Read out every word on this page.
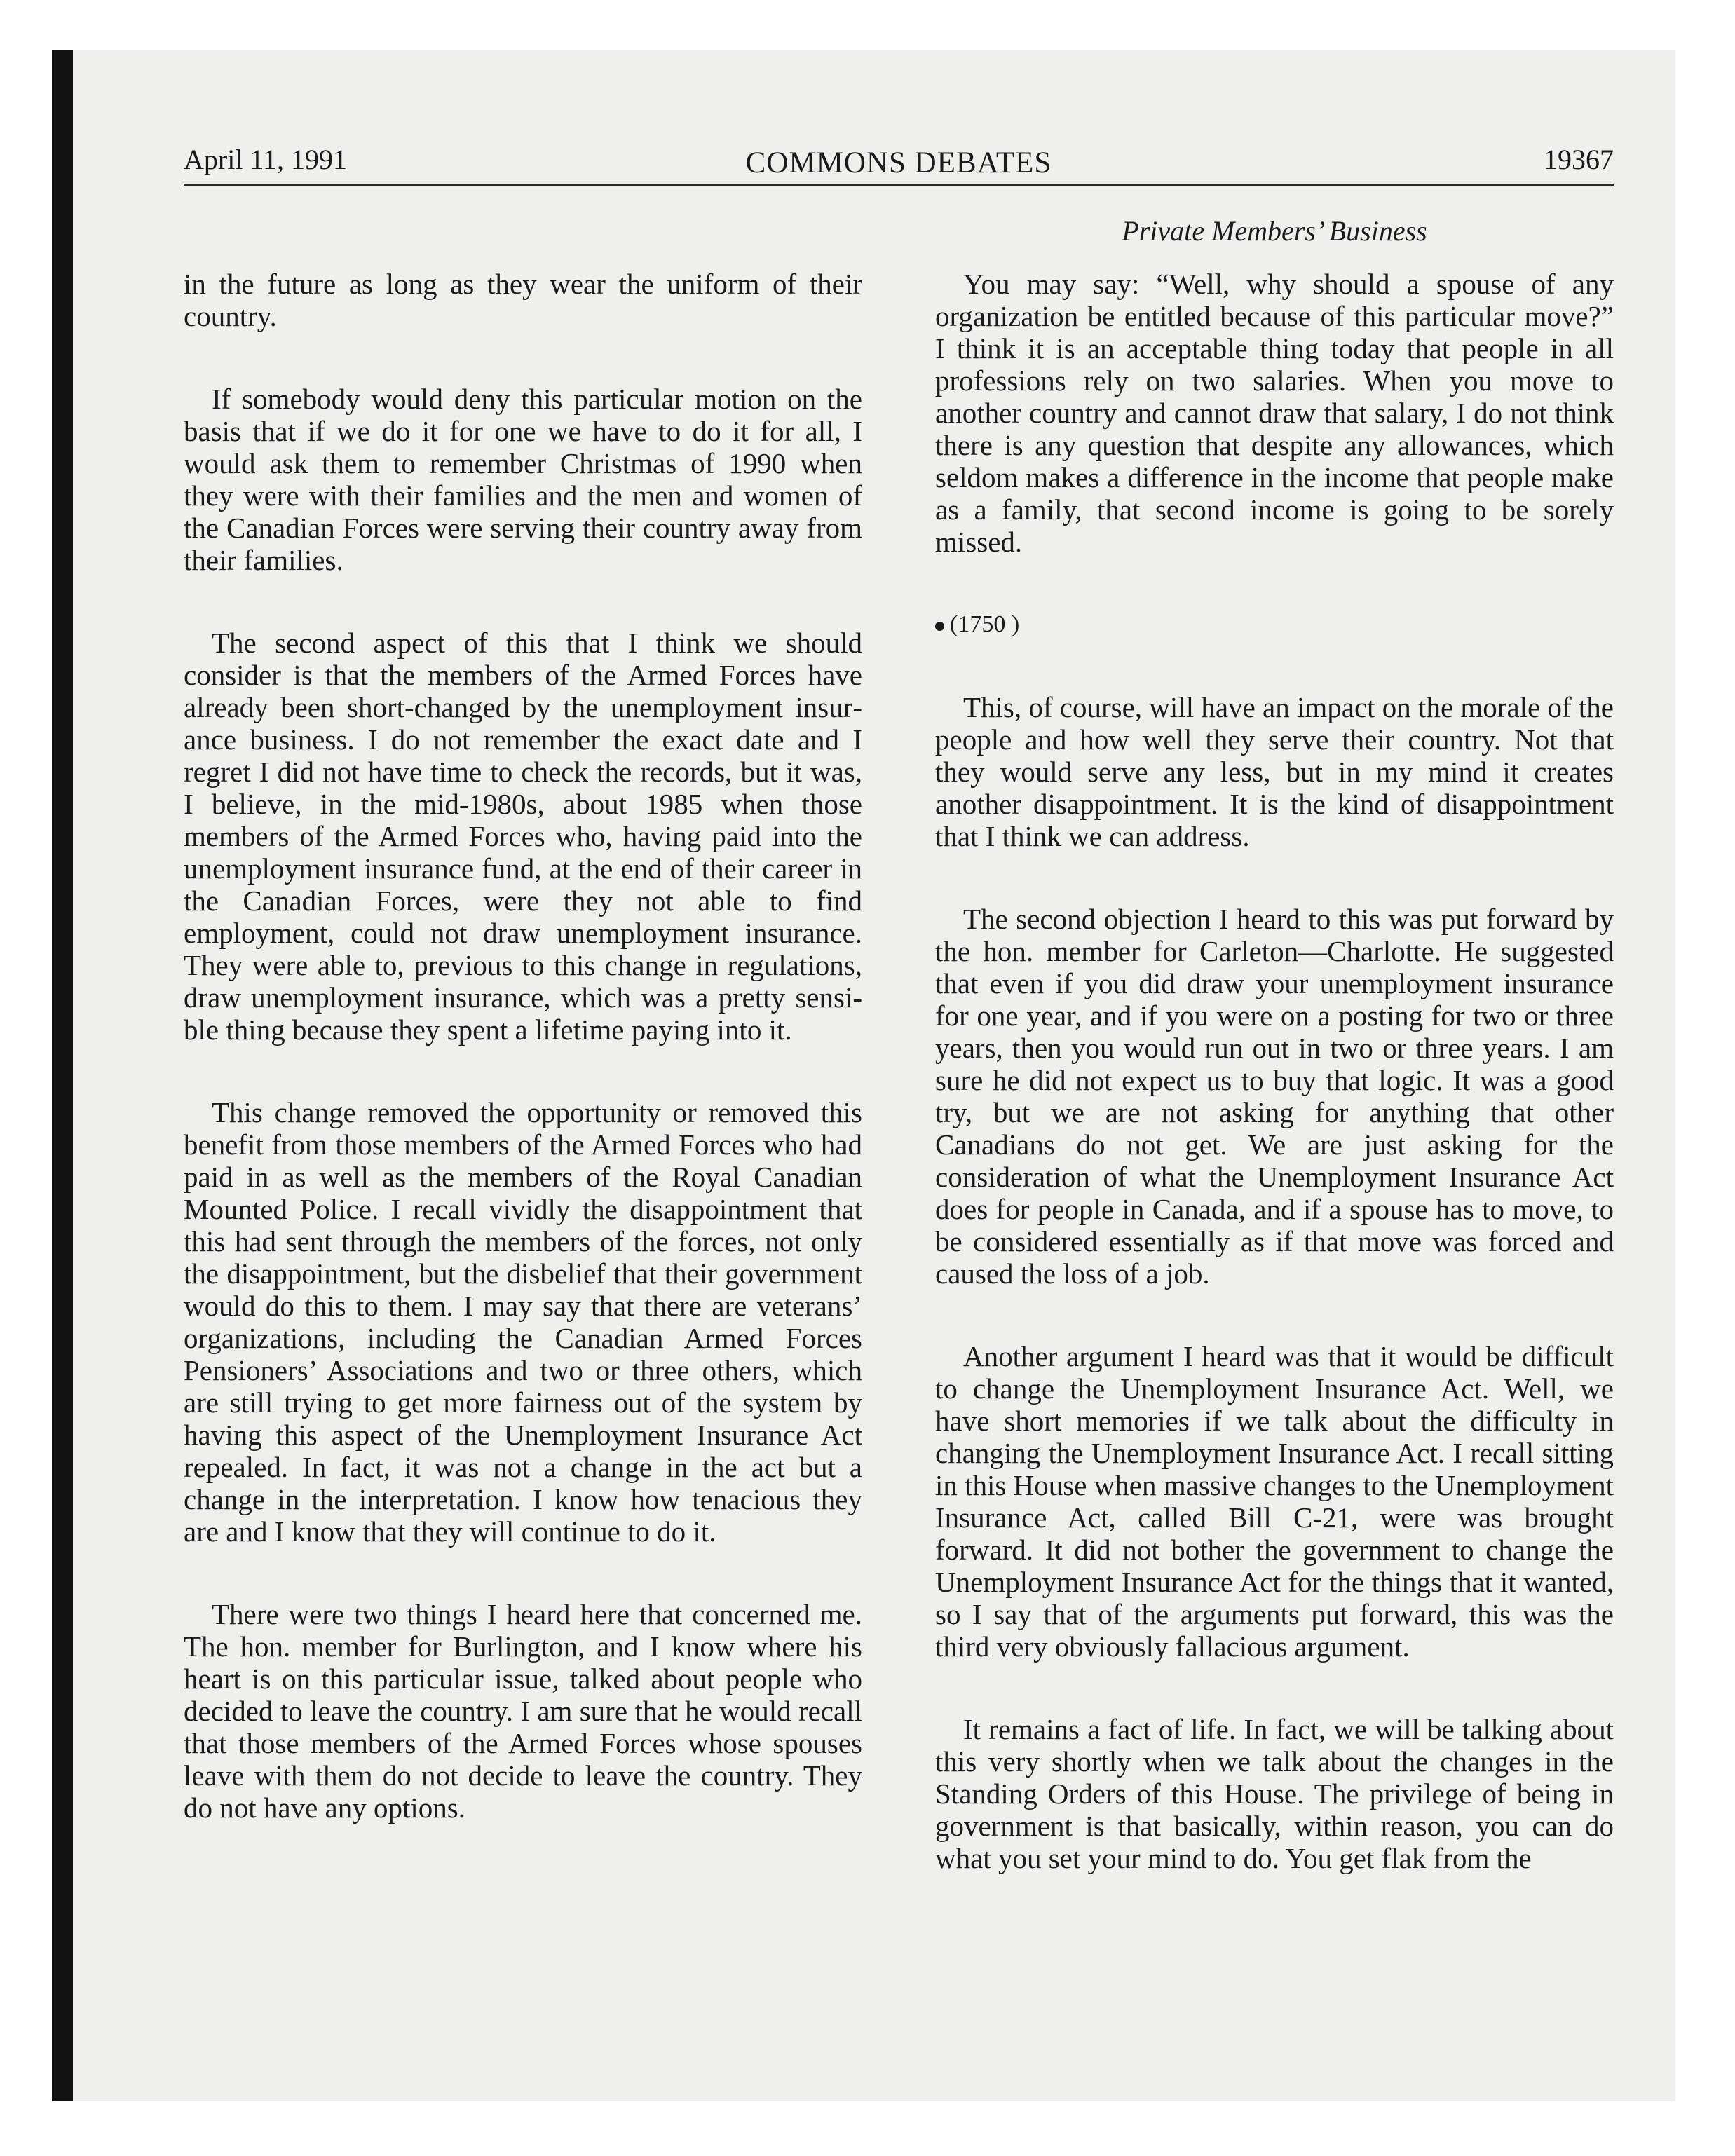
April 11, 1991	COMMONS DEBATES	19367
Private Members’ Business

in the future as long as they wear the uniform of their country.

If somebody would deny this particular motion on the basis that if we do it for one we have to do it for all, I would ask them to remember Christmas of 1990 when they were with their families and the men and women of the Canadian Forces were serving their country away from their families.

The second aspect of this that I think we should consider is that the members of the Armed Forces have already been short-changed by the unemployment insurance business. I do not remember the exact date and I regret I did not have time to check the records, but it was, I believe, in the mid-1980s, about 1985 when those members of the Armed Forces who, having paid into the unemployment insurance fund, at the end of their career in the Canadian Forces, were they not able to find employment, could not draw unemployment insurance. They were able to, previous to this change in regulations, draw unemployment insurance, which was a pretty sensible thing because they spent a lifetime paying into it.

This change removed the opportunity or removed this benefit from those members of the Armed Forces who had paid in as well as the members of the Royal Canadian Mounted Police. I recall vividly the disappointment that this had sent through the members of the forces, not only the disappointment, but the disbelief that their government would do this to them. I may say that there are veterans’ organizations, including the Canadian Armed Forces Pensioners’ Associations and two or three others, which are still trying to get more fairness out of the system by having this aspect of the Unemployment Insurance Act repealed. In fact, it was not a change in the act but a change in the interpretation. I know how tenacious they are and I know that they will continue to do it.

There were two things I heard here that concerned me. The hon. member for Burlington, and I know where his heart is on this particular issue, talked about people who decided to leave the country. I am sure that he would recall that those members of the Armed Forces whose spouses leave with them do not decide to leave the country. They do not have any options.

You may say: “Well, why should a spouse of any organization be entitled because of this particular move?” I think it is an acceptable thing today that people in all professions rely on two salaries. When you move to another country and cannot draw that salary, I do not think there is any question that despite any allowances, which seldom makes a difference in the income that people make as a family, that second income is going to be sorely missed.

(1750 )

This, of course, will have an impact on the morale of the people and how well they serve their country. Not that they would serve any less, but in my mind it creates another disappointment. It is the kind of disappointment that I think we can address.

The second objection I heard to this was put forward by the hon. member for Carleton—Charlotte. He suggested that even if you did draw your unemployment insurance for one year, and if you were on a posting for two or three years, then you would run out in two or three years. I am sure he did not expect us to buy that logic. It was a good try, but we are not asking for anything that other Canadians do not get. We are just asking for the consideration of what the Unemployment Insurance Act does for people in Canada, and if a spouse has to move, to be considered essentially as if that move was forced and caused the loss of a job.

Another argument I heard was that it would be difficult to change the Unemployment Insurance Act. Well, we have short memories if we talk about the difficulty in changing the Unemployment Insurance Act. I recall sitting in this House when massive changes to the Unemployment Insurance Act, called Bill C-21, were was brought forward. It did not bother the government to change the Unemployment Insurance Act for the things that it wanted, so I say that of the arguments put forward, this was the third very obviously fallacious argument.

It remains a fact of life. In fact, we will be talking about this very shortly when we talk about the changes in the Standing Orders of this House. The privilege of being in government is that basically, within reason, you can do what you set your mind to do. You get flak from the
